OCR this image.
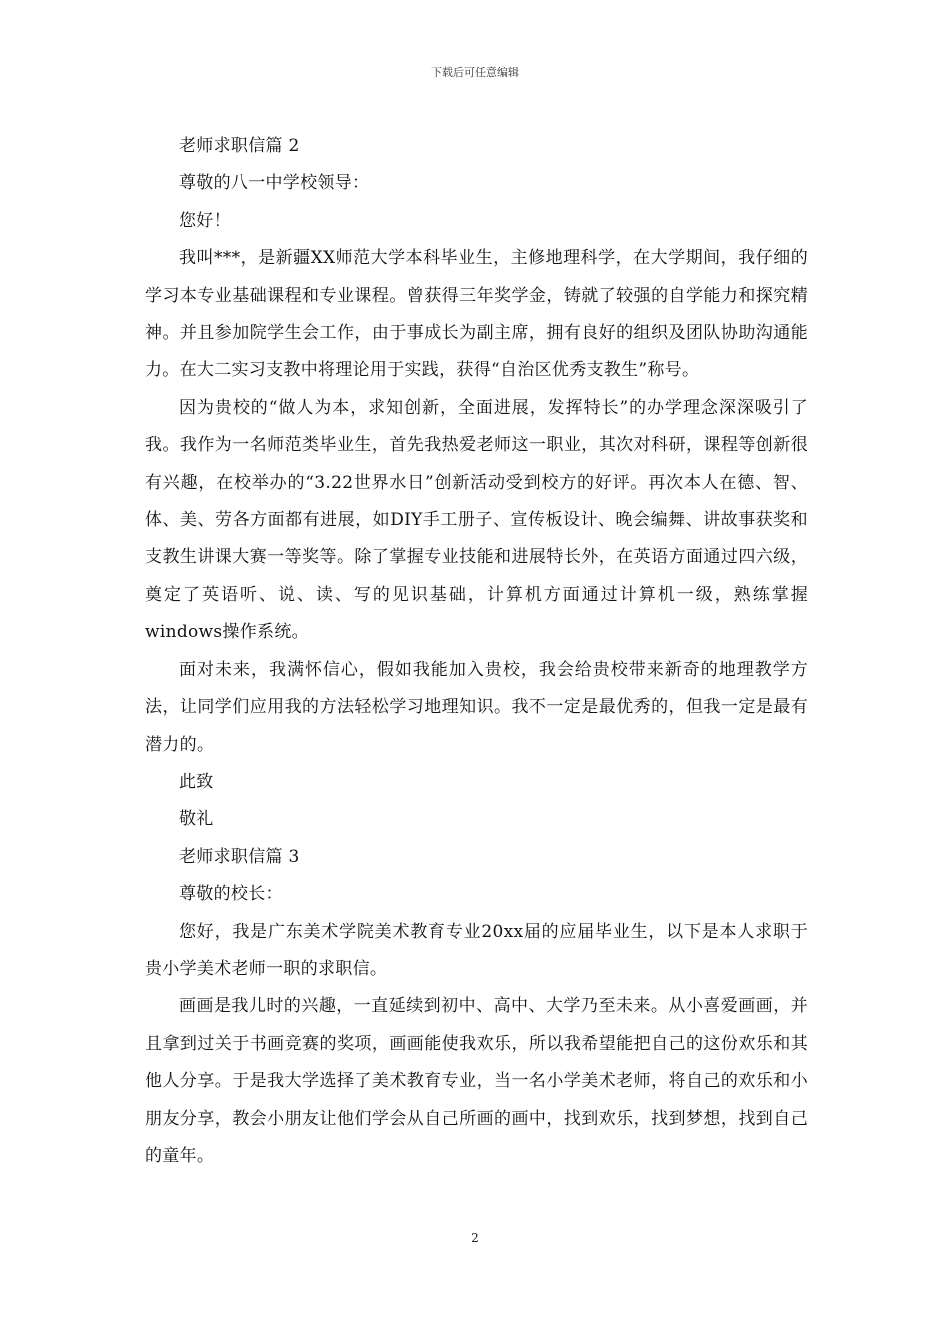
下载后可任意编辑

老师求职信篇 2

尊敬的八一中学校领导：

您好！

我叫***，是新疆XX师范大学本科毕业生，主修地理科学，在大学期间，我仔细的学习本专业基础课程和专业课程。曾获得三年奖学金，铸就了较强的自学能力和探究精神。并且参加院学生会工作，由于事成长为副主席，拥有良好的组织及团队协助沟通能力。在大二实习支教中将理论用于实践，获得“自治区优秀支教生”称号。

因为贵校的“做人为本，求知创新，全面进展，发挥特长”的办学理念深深吸引了我。我作为一名师范类毕业生，首先我热爱老师这一职业，其次对科研，课程等创新很有兴趣，在校举办的“3.22世界水日”创新活动受到校方的好评。再次本人在德、智、体、美、劳各方面都有进展，如DIY手工册子、宣传板设计、晚会编舞、讲故事获奖和支教生讲课大赛一等奖等。除了掌握专业技能和进展特长外，在英语方面通过四六级，奠定了英语听、说、读、写的见识基础，计算机方面通过计算机一级，熟练掌握windows操作系统。

面对未来，我满怀信心，假如我能加入贵校，我会给贵校带来新奇的地理教学方法，让同学们应用我的方法轻松学习地理知识。我不一定是最优秀的，但我一定是最有潜力的。

此致

敬礼

老师求职信篇 3

尊敬的校长：

您好，我是广东美术学院美术教育专业20xx届的应届毕业生，以下是本人求职于贵小学美术老师一职的求职信。

画画是我儿时的兴趣，一直延续到初中、高中、大学乃至未来。从小喜爱画画，并且拿到过关于书画竞赛的奖项，画画能使我欢乐，所以我希望能把自己的这份欢乐和其他人分享。于是我大学选择了美术教育专业，当一名小学美术老师，将自己的欢乐和小朋友分享，教会小朋友让他们学会从自己所画的画中，找到欢乐，找到梦想，找到自己的童年。

2
